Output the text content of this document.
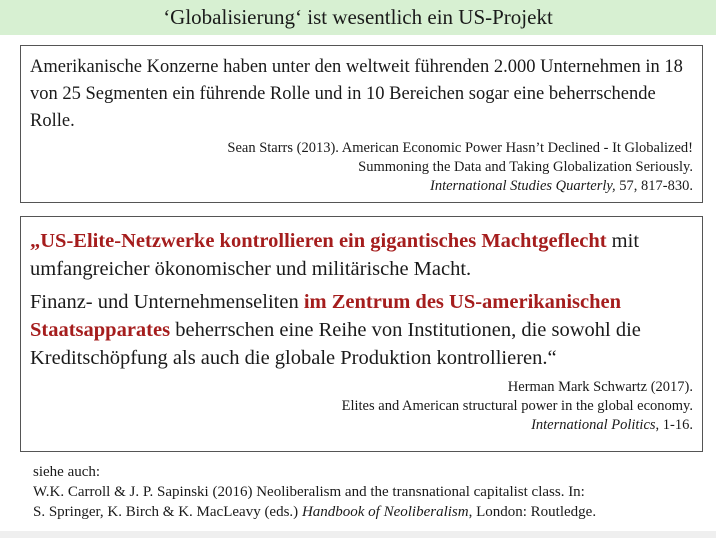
‘Globalisierung‘ ist wesentlich ein US-Projekt

Amerikanische Konzerne haben unter den weltweit führenden 2.000 Unternehmen in 18 von 25 Segmenten ein führende Rolle und in 10 Bereichen sogar eine beherrschende Rolle.

Sean Starrs (2013). American Economic Power Hasn’t Declined - It Globalized!
Summoning the Data and Taking Globalization Seriously.
International Studies Quarterly, 57, 817-830.

„US-Elite-Netzwerke kontrollieren ein gigantisches Machtgeflecht mit umfangreicher ökonomischer und militärische Macht.

Finanz- und Unternehmenseliten im Zentrum des US-amerikanischen Staatsapparates beherrschen eine Reihe von Institutionen, die sowohl die Kreditschöpfung als auch die globale Produktion kontrollieren.“

Herman Mark Schwartz (2017).
Elites and American structural power in the global economy.
International Politics, 1-16.
siehe auch:
W.K. Carroll & J. P. Sapinski (2016) Neoliberalism and the transnational capitalist class. In:
S. Springer, K. Birch & K. MacLeavy (eds.) Handbook of Neoliberalism, London: Routledge.
